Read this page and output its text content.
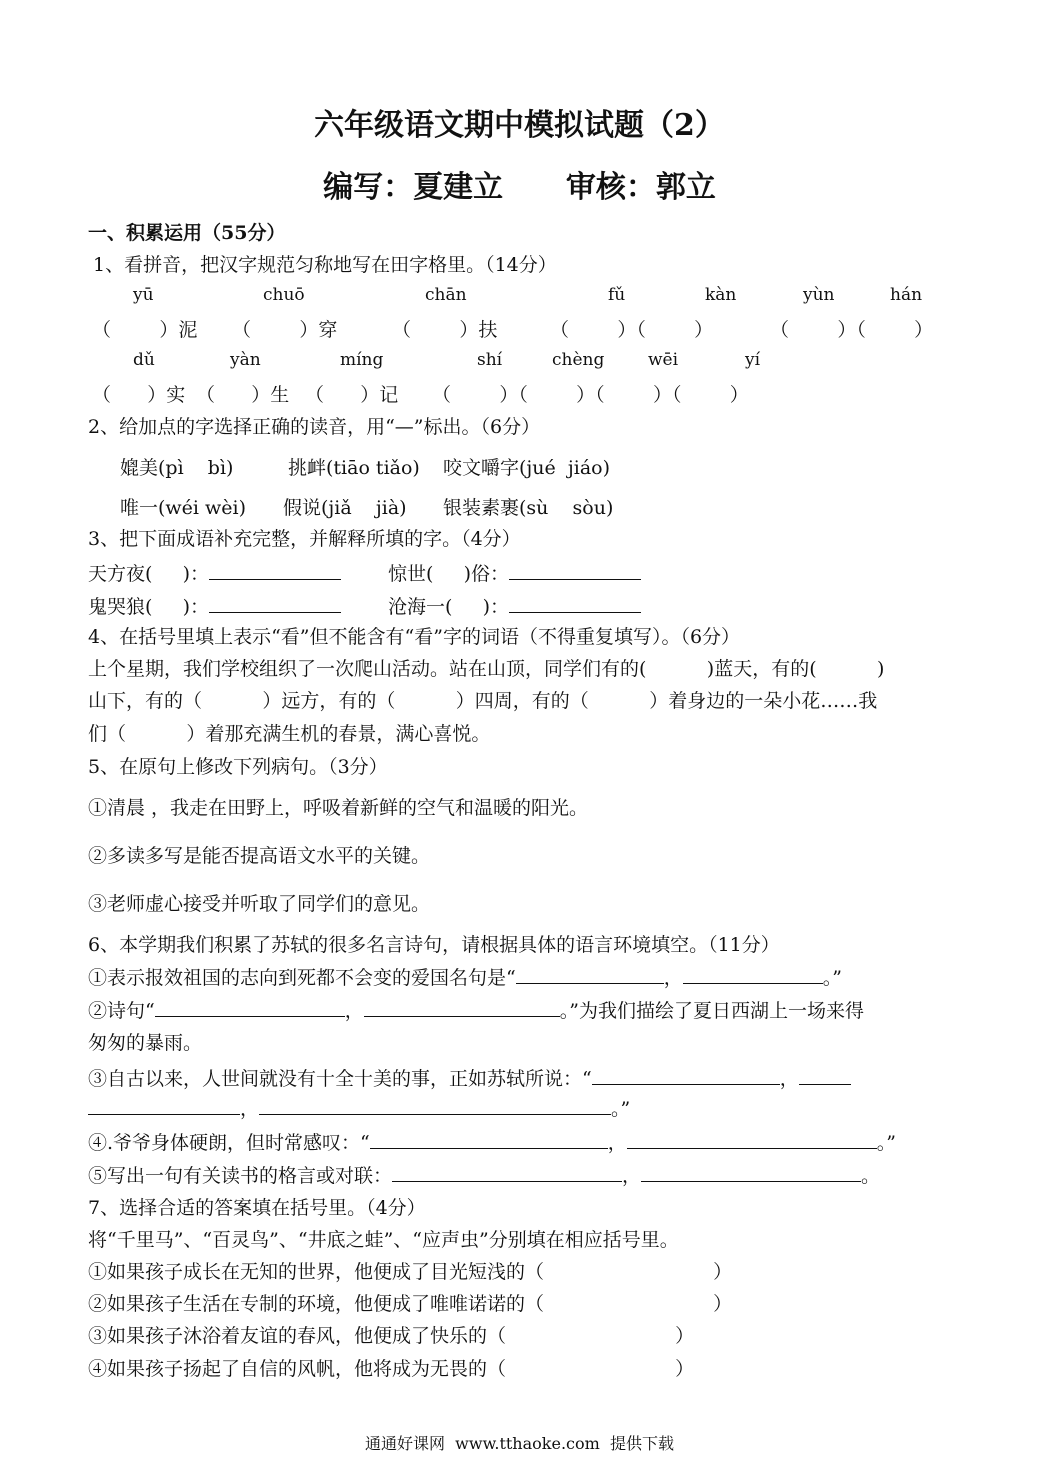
六年级语文期中模拟试题（2）
编写：夏建立      审核：郭立
一、积累运用（55分）
1、看拼音，把汉字规范匀称地写在田字格里。（14分）
yū	chuō	chān	fǔ	kàn	yùn	hán
（        ）泥 （        ）穿	（        ）扶	（        ）（        ）	（        ）（        ）
dǔ	yàn	míng	shí	chèng	wēi	yí
（      ）实 （      ）生 （      ）记 （        ）（        ）（        ）（        ）
2、给加点的字选择正确的读音，用“—”标出。（6分）
媲美(pì    bì)	挑衅(tiāo tiǎo) 咬文嚼字(jué  jiáo)
唯一(wéi wèi) 假说(jiǎ    jià) 银装素裹(sù    sòu)
3、把下面成语补充完整，并解释所填的字。（4分）
天方夜(     )：	惊世(     )俗：
鬼哭狼(     )：	沧海一(     )：
4、在括号里填上表示“看”但不能含有“看”字的词语（不得重复填写）。（6分）
上个星期，我们学校组织了一次爬山活动。站在山顶，同学们有的(          )蓝天，有的(          )
山下，有的（          ）远方，有的（          ）四周，有的（          ）着身边的一朵小花……我
们（          ）着那充满生机的春景，满心喜悦。
5、在原句上修改下列病句。（3分）
①清晨 ，我走在田野上，呼吸着新鲜的空气和温暖的阳光。
②多读多写是能否提高语文水平的关键。
③老师虚心接受并听取了同学们的意见。
6、本学期我们积累了苏轼的很多名言诗句，请根据具体的语言环境填空。（11分）
①表示报效祖国的志向到死都不会变的爱国名句是“	，	。”
②诗句“	，	。”为我们描绘了夏日西湖上一场来得
匆匆的暴雨。
③自古以来，人世间就没有十全十美的事，正如苏轼所说：“	，
，	。”
④.爷爷身体硬朗，但时常感叹：“	，	。”
⑤写出一句有关读书的格言或对联：	，	。
7、选择合适的答案填在括号里。（4分）
将“千里马”、“百灵鸟”、“井底之蛙”、“应声虫”分别填在相应括号里。
①如果孩子成长在无知的世界，他便成了目光短浅的（                            ）
②如果孩子生活在专制的环境，他便成了唯唯诺诺的（                            ）
③如果孩子沐浴着友谊的春风，他便成了快乐的（                            ）
④如果孩子扬起了自信的风帆，他将成为无畏的（                            ）
通通好课网  www.tthaoke.com  提供下载
